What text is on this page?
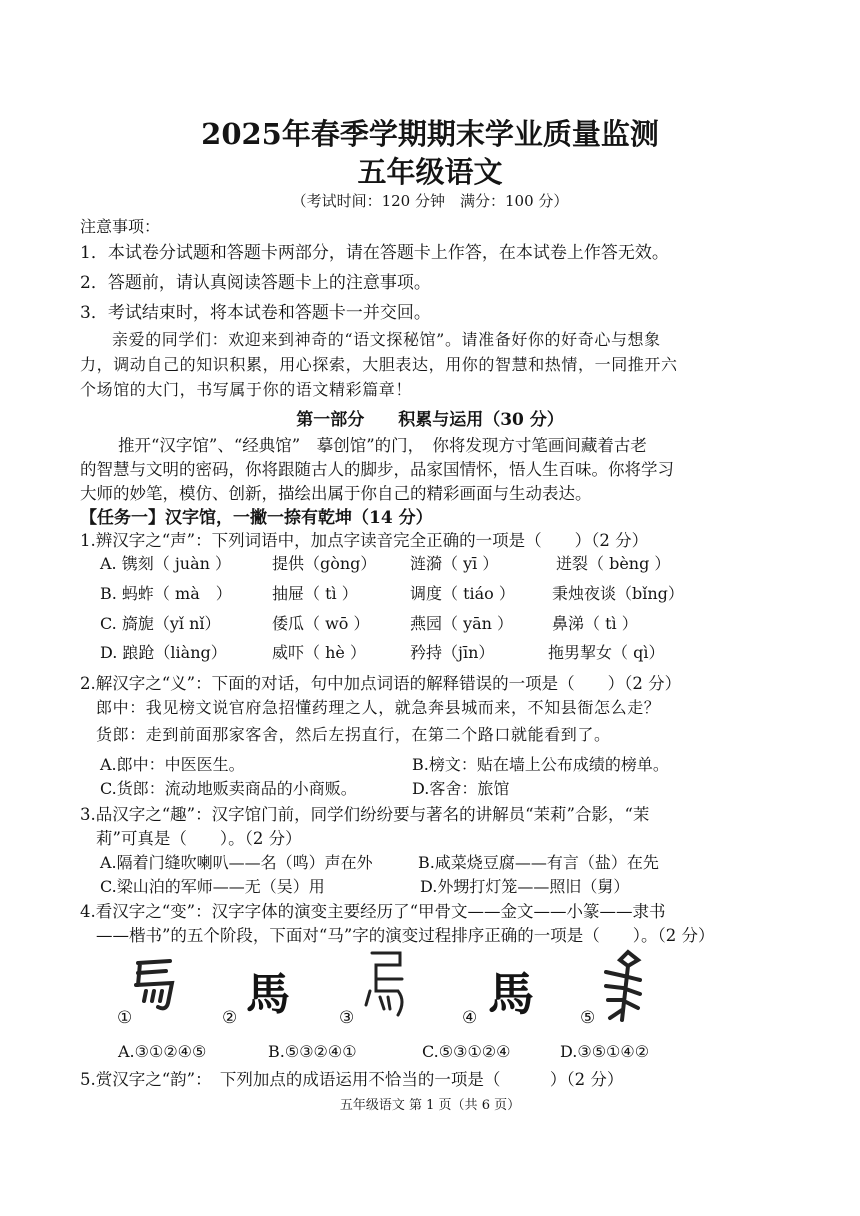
2025年春季学期期末学业质量监测
五年级语文
（考试时间：120 分钟　满分：100 分）
注意事项：
1．本试卷分试题和答题卡两部分，请在答题卡上作答，在本试卷上作答无效。
2．答题前，请认真阅读答题卡上的注意事项。
3．考试结束时，将本试卷和答题卡一并交回。
亲爱的同学们：欢迎来到神奇的“语文探秘馆”。请准备好你的好奇心与想象
力，调动自己的知识积累，用心探索，大胆表达，用你的智慧和热情，一同推开六
个场馆的大门，书写属于你的语文精彩篇章！
第一部分　　积累与运用（30 分）
推开“汉字馆”、“经典馆”　摹创馆”的门，　你将发现方寸笔画间藏着古老
的智慧与文明的密码，你将跟随古人的脚步，品家国情怀，悟人生百味。你将学习
大师的妙笔，模仿、创新，描绘出属于你自己的精彩画面与生动表达。
【任务一】汉字馆，一撇一捺有乾坤（14 分）
1.辨汉字之“声”：下列词语中，加点字读音完全正确的一项是（　　）（2 分）
A. 镌刻（ juàn ）	提供（gòng） 涟漪（ yī ）	迸裂（ bèng ）
B. 蚂蚱（ mà　）	抽屉（ tì ）	调度（ tiáo ） 秉烛夜谈（bǐng）
C. 旖旎（yǐ nǐ）	倭瓜（ wō ）	燕园（ yān ） 鼻涕（ tì ）
D. 踉跄（liàng）	威吓（ hè ）	矜持（jīn）	拖男挈女（ qì）
2.解汉字之“义”：下面的对话，句中加点词语的解释错误的一项是（　　）（2 分）
郎中：我见榜文说官府急招懂药理之人，就急奔县城而来，不知县衙怎么走？
货郎：走到前面那家客舍，然后左拐直行，在第二个路口就能看到了。
A.郎中：中医医生。	B.榜文：贴在墙上公布成绩的榜单。
C.货郎：流动地贩卖商品的小商贩。	D.客舍：旅馆
3.品汉字之“趣”：汉字馆门前，同学们纷纷要与著名的讲解员“茉莉”合影，“茉
莉”可真是（　　）。（2 分）
A.隔着门缝吹喇叭——名（鸣）声在外	B.咸菜烧豆腐——有言（盐）在先
C.梁山泊的军师——无（吴）用	D.外甥打灯笼——照旧（舅）
4.看汉字之“变”：汉字字体的演变主要经历了“甲骨文——金文——小篆——隶书
——楷书”的五个阶段，下面对“马”字的演变过程排序正确的一项是（　　）。（2 分）
①	馬
②	③	馬
④	⑤
A.③①②④⑤	B.⑤③②④①	C.⑤③①②④	D.③⑤①④②
5.赏汉字之“韵”：　下列加点的成语运用不恰当的一项是（　　　）（2 分）
五年级语文 第 1 页（共 6 页）
